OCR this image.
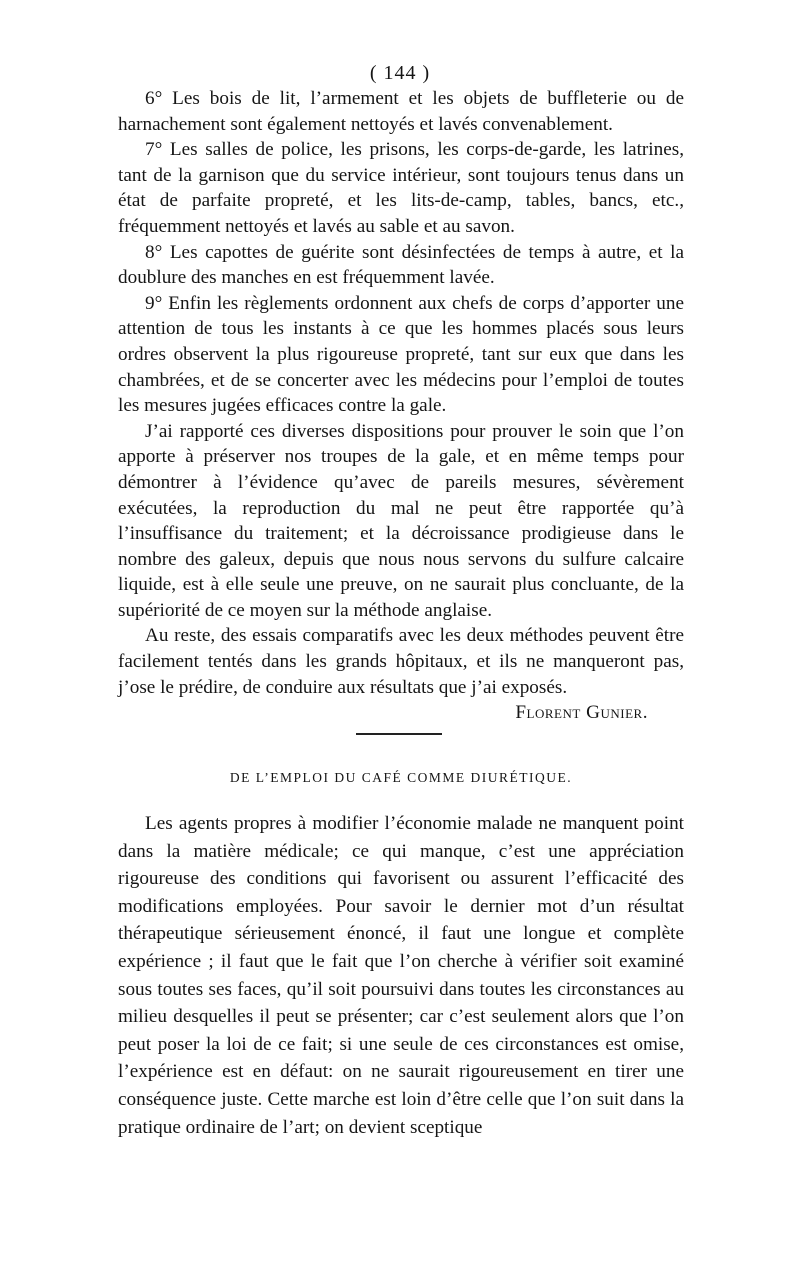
( 144 )

6° Les bois de lit, l’armement et les objets de buffleterie ou de harnachement sont également nettoyés et lavés convenablement.

7° Les salles de police, les prisons, les corps-de-garde, les latrines, tant de la garnison que du service intérieur, sont toujours tenus dans un état de parfaite propreté, et les lits-de-camp, tables, bancs, etc., fréquemment nettoyés et lavés au sable et au savon.

8° Les capottes de guérite sont désinfectées de temps à autre, et la doublure des manches en est fréquemment lavée.

9° Enfin les règlements ordonnent aux chefs de corps d’apporter une attention de tous les instants à ce que les hommes placés sous leurs ordres observent la plus rigoureuse propreté, tant sur eux que dans les chambrées, et de se concerter avec les médecins pour l’emploi de toutes les mesures jugées efficaces contre la gale.

J’ai rapporté ces diverses dispositions pour prouver le soin que l’on apporte à préserver nos troupes de la gale, et en même temps pour démontrer à l’évidence qu’avec de pareils mesures, sévèrement exécutées, la reproduction du mal ne peut être rapportée qu’à l’insuffisance du traitement; et la décroissance prodigieuse dans le nombre des galeux, depuis que nous nous servons du sulfure calcaire liquide, est à elle seule une preuve, on ne saurait plus concluante, de la supériorité de ce moyen sur la méthode anglaise.

Au reste, des essais comparatifs avec les deux méthodes peuvent être facilement tentés dans les grands hôpitaux, et ils ne manqueront pas, j’ose le prédire, de conduire aux résultats que j’ai exposés.

Florent Gunier.

DE L’EMPLOI DU CAFÉ COMME DIURÉTIQUE.

Les agents propres à modifier l’économie malade ne manquent point dans la matière médicale; ce qui manque, c’est une appréciation rigoureuse des conditions qui favorisent ou assurent l’efficacité des modifications employées. Pour savoir le dernier mot d’un résultat thérapeutique sérieusement énoncé, il faut une longue et complète expérience ; il faut que le fait que l’on cherche à vérifier soit examiné sous toutes ses faces, qu’il soit poursuivi dans toutes les circonstances au milieu desquelles il peut se présenter; car c’est seulement alors que l’on peut poser la loi de ce fait; si une seule de ces circonstances est omise, l’expérience est en défaut: on ne saurait rigoureusement en tirer une conséquence juste. Cette marche est loin d’être celle que l’on suit dans la pratique ordinaire de l’art; on devient sceptique
